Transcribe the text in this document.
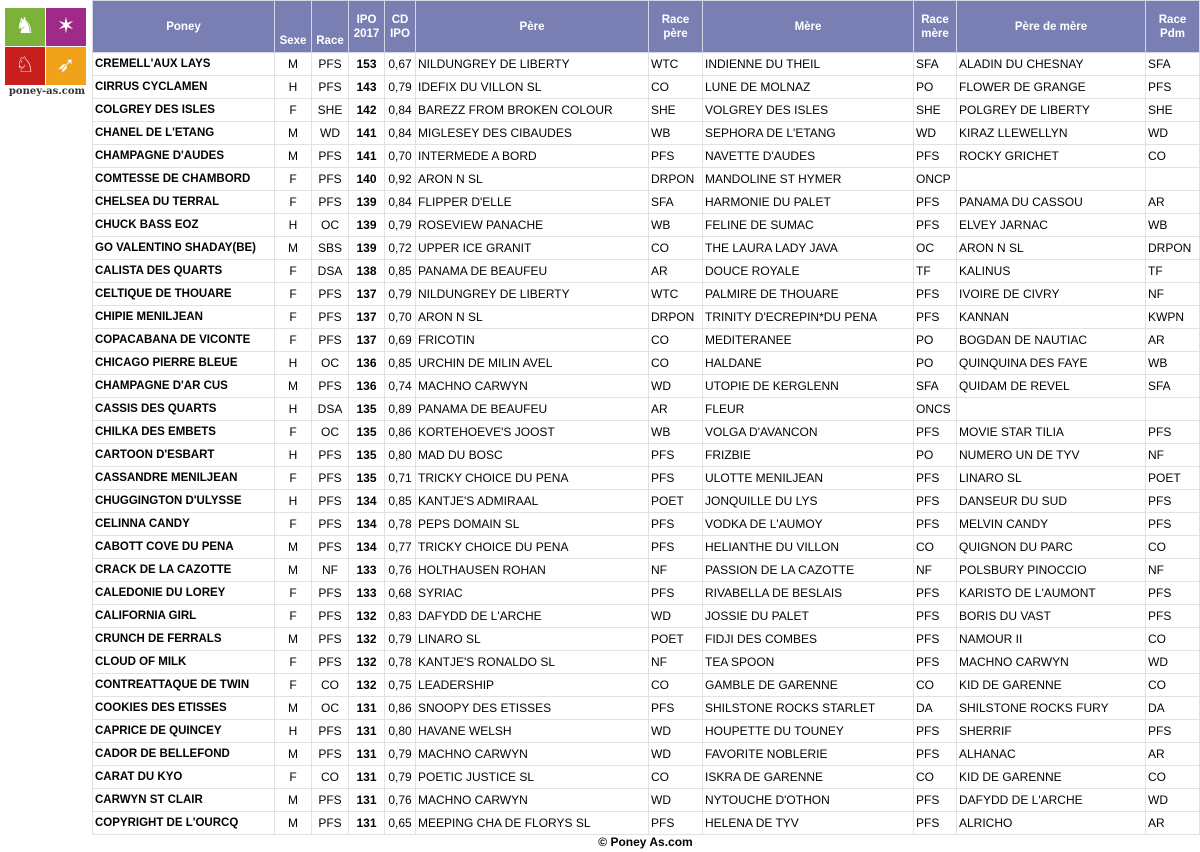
♞ ✶
♘ ➶
poney-as.com
Poney	Sexe	Race	IPO 2017	CD IPO	Père	Race père	Mère	Race mère	Père de mère	Race Pdm
CREMELL'AUX LAYS	M	PFS	153	0,67	NILDUNGREY DE LIBERTY	WTC	INDIENNE DU THEIL	SFA	ALADIN DU CHESNAY	SFA
CIRRUS CYCLAMEN	H	PFS	143	0,79	IDEFIX DU VILLON SL	CO	LUNE DE MOLNAZ	PO	FLOWER DE GRANGE	PFS
COLGREY DES ISLES	F	SHE	142	0,84	BAREZZ FROM BROKEN COLOUR	SHE	VOLGREY DES ISLES	SHE	POLGREY DE LIBERTY	SHE
CHANEL DE L'ETANG	M	WD	141	0,84	MIGLESEY DES CIBAUDES	WB	SEPHORA DE L'ETANG	WD	KIRAZ LLEWELLYN	WD
CHAMPAGNE D'AUDES	M	PFS	141	0,70	INTERMEDE A BORD	PFS	NAVETTE D'AUDES	PFS	ROCKY GRICHET	CO
COMTESSE DE CHAMBORD	F	PFS	140	0,92	ARON N SL	DRPON	MANDOLINE ST HYMER	ONCP		
CHELSEA DU TERRAL	F	PFS	139	0,84	FLIPPER D'ELLE	SFA	HARMONIE DU PALET	PFS	PANAMA DU CASSOU	AR
CHUCK BASS EOZ	H	OC	139	0,79	ROSEVIEW PANACHE	WB	FELINE DE SUMAC	PFS	ELVEY JARNAC	WB
GO VALENTINO SHADAY(BE)	M	SBS	139	0,72	UPPER ICE GRANIT	CO	THE LAURA LADY JAVA	OC	ARON N SL	DRPON
CALISTA DES QUARTS	F	DSA	138	0,85	PANAMA DE BEAUFEU	AR	DOUCE ROYALE	TF	KALINUS	TF
CELTIQUE DE THOUARE	F	PFS	137	0,79	NILDUNGREY DE LIBERTY	WTC	PALMIRE DE THOUARE	PFS	IVOIRE DE CIVRY	NF
CHIPIE MENILJEAN	F	PFS	137	0,70	ARON N SL	DRPON	TRINITY D'ECREPIN*DU PENA	PFS	KANNAN	KWPN
COPACABANA DE VICONTE	F	PFS	137	0,69	FRICOTIN	CO	MEDITERANEE	PO	BOGDAN DE NAUTIAC	AR
CHICAGO PIERRE BLEUE	H	OC	136	0,85	URCHIN DE MILIN AVEL	CO	HALDANE	PO	QUINQUINA DES FAYE	WB
CHAMPAGNE D'AR CUS	M	PFS	136	0,74	MACHNO CARWYN	WD	UTOPIE DE KERGLENN	SFA	QUIDAM DE REVEL	SFA
CASSIS DES QUARTS	H	DSA	135	0,89	PANAMA DE BEAUFEU	AR	FLEUR	ONCS		
CHILKA DES EMBETS	F	OC	135	0,86	KORTEHOEVE'S JOOST	WB	VOLGA D'AVANCON	PFS	MOVIE STAR TILIA	PFS
CARTOON D'ESBART	H	PFS	135	0,80	MAD DU BOSC	PFS	FRIZBIE	PO	NUMERO UN DE TYV	NF
CASSANDRE MENILJEAN	F	PFS	135	0,71	TRICKY CHOICE DU PENA	PFS	ULOTTE MENILJEAN	PFS	LINARO SL	POET
CHUGGINGTON D'ULYSSE	H	PFS	134	0,85	KANTJE'S ADMIRAAL	POET	JONQUILLE DU LYS	PFS	DANSEUR DU SUD	PFS
CELINNA CANDY	F	PFS	134	0,78	PEPS DOMAIN SL	PFS	VODKA DE L'AUMOY	PFS	MELVIN CANDY	PFS
CABOTT COVE DU PENA	M	PFS	134	0,77	TRICKY CHOICE DU PENA	PFS	HELIANTHE DU VILLON	CO	QUIGNON DU PARC	CO
CRACK DE LA CAZOTTE	M	NF	133	0,76	HOLTHAUSEN ROHAN	NF	PASSION DE LA CAZOTTE	NF	POLSBURY PINOCCIO	NF
CALEDONIE DU LOREY	F	PFS	133	0,68	SYRIAC	PFS	RIVABELLA DE BESLAIS	PFS	KARISTO DE L'AUMONT	PFS
CALIFORNIA GIRL	F	PFS	132	0,83	DAFYDD DE L'ARCHE	WD	JOSSIE DU PALET	PFS	BORIS DU VAST	PFS
CRUNCH DE FERRALS	M	PFS	132	0,79	LINARO SL	POET	FIDJI DES COMBES	PFS	NAMOUR II	CO
CLOUD OF MILK	F	PFS	132	0,78	KANTJE'S RONALDO SL	NF	TEA SPOON	PFS	MACHNO CARWYN	WD
CONTREATTAQUE DE TWIN	F	CO	132	0,75	LEADERSHIP	CO	GAMBLE DE GARENNE	CO	KID DE GARENNE	CO
COOKIES DES ETISSES	M	OC	131	0,86	SNOOPY DES ETISSES	PFS	SHILSTONE ROCKS STARLET	DA	SHILSTONE ROCKS FURY	DA
CAPRICE DE QUINCEY	H	PFS	131	0,80	HAVANE WELSH	WD	HOUPETTE DU TOUNEY	PFS	SHERRIF	PFS
CADOR DE BELLEFOND	M	PFS	131	0,79	MACHNO CARWYN	WD	FAVORITE NOBLERIE	PFS	ALHANAC	AR
CARAT DU KYO	F	CO	131	0,79	POETIC JUSTICE SL	CO	ISKRA DE GARENNE	CO	KID DE GARENNE	CO
CARWYN ST CLAIR	M	PFS	131	0,76	MACHNO CARWYN	WD	NYTOUCHE D'OTHON	PFS	DAFYDD DE L'ARCHE	WD
COPYRIGHT DE L'OURCQ	M	PFS	131	0,65	MEEPING CHA DE FLORYS SL	PFS	HELENA DE TYV	PFS	ALRICHO	AR
© Poney As.com
